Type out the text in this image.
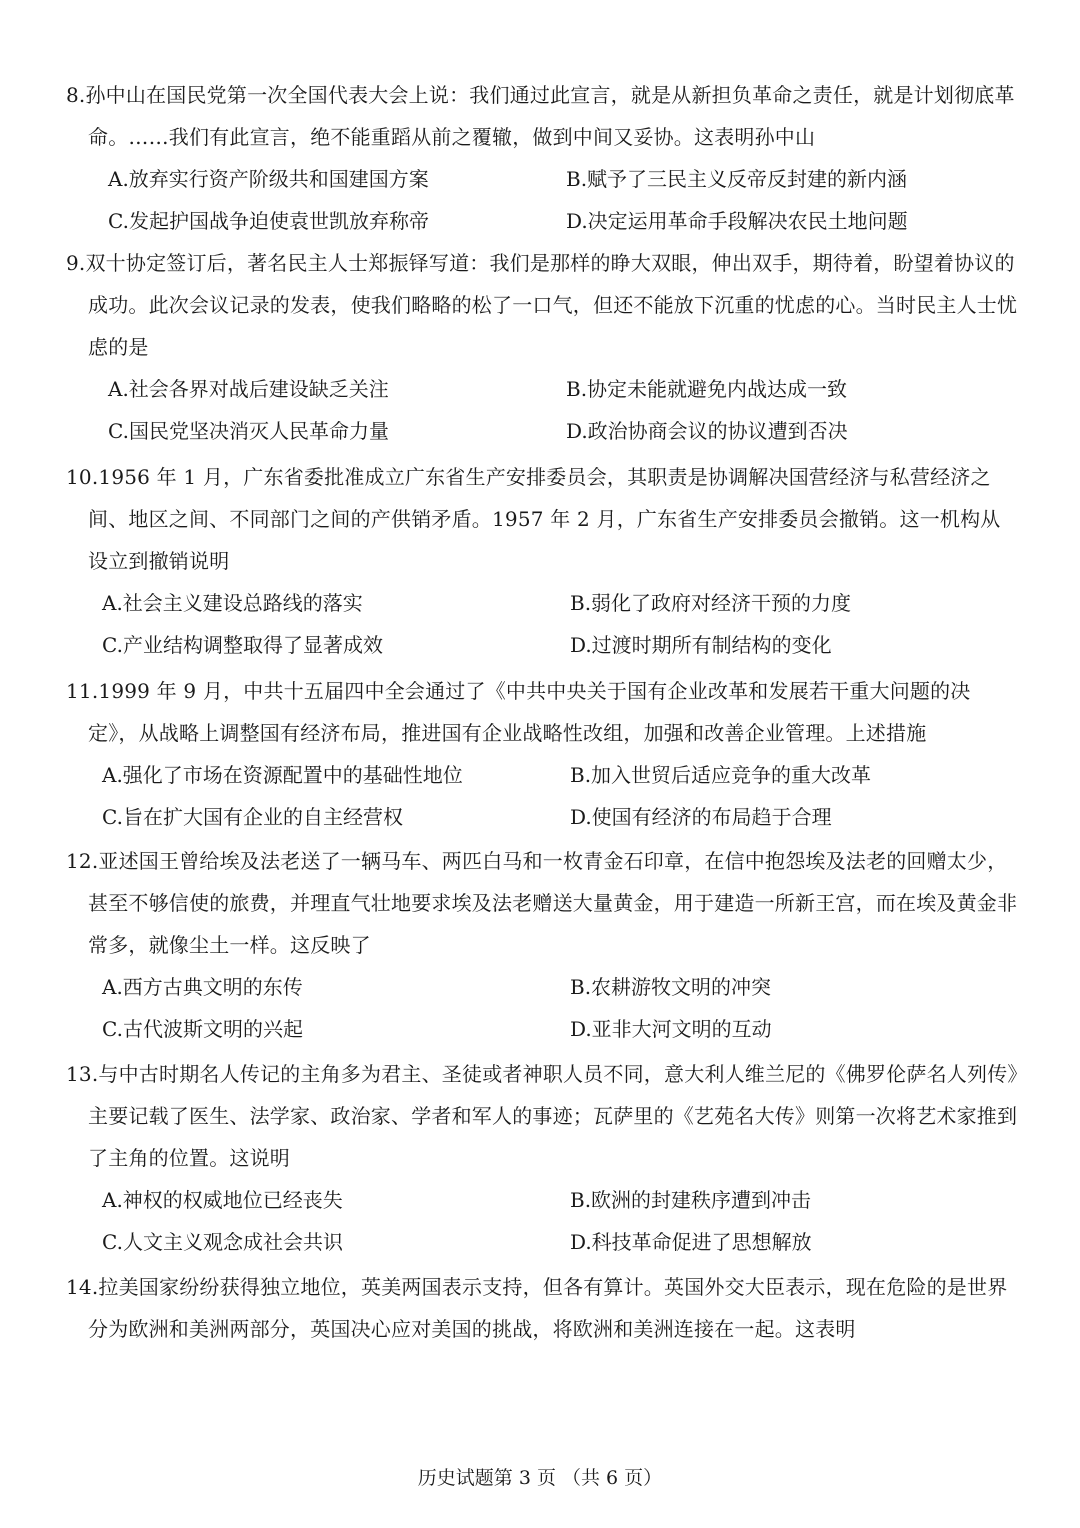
8.孙中山在国民党第一次全国代表大会上说：我们通过此宣言，就是从新担负革命之责任，就是计划彻底革命。……我们有此宣言，绝不能重蹈从前之覆辙，做到中间又妥协。这表明孙中山

A.放弃实行资产阶级共和国建国方案	B.赋予了三民主义反帝反封建的新内涵
C.发起护国战争迫使袁世凯放弃称帝	D.决定运用革命手段解决农民土地问题

9.双十协定签订后，著名民主人士郑振铎写道：我们是那样的睁大双眼，伸出双手，期待着，盼望着协议的成功。此次会议记录的发表，使我们略略的松了一口气，但还不能放下沉重的忧虑的心。当时民主人士忧虑的是

A.社会各界对战后建设缺乏关注	B.协定未能就避免内战达成一致
C.国民党坚决消灭人民革命力量	D.政治协商会议的协议遭到否决

10.1956 年 1 月，广东省委批准成立广东省生产安排委员会，其职责是协调解决国营经济与私营经济之间、地区之间、不同部门之间的产供销矛盾。1957 年 2 月，广东省生产安排委员会撤销。这一机构从设立到撤销说明

A.社会主义建设总路线的落实	B.弱化了政府对经济干预的力度
C.产业结构调整取得了显著成效	D.过渡时期所有制结构的变化

11.1999 年 9 月，中共十五届四中全会通过了《中共中央关于国有企业改革和发展若干重大问题的决定》，从战略上调整国有经济布局，推进国有企业战略性改组，加强和改善企业管理。上述措施

A.强化了市场在资源配置中的基础性地位	B.加入世贸后适应竞争的重大改革
C.旨在扩大国有企业的自主经营权	D.使国有经济的布局趋于合理

12.亚述国王曾给埃及法老送了一辆马车、两匹白马和一枚青金石印章，在信中抱怨埃及法老的回赠太少，甚至不够信使的旅费，并理直气壮地要求埃及法老赠送大量黄金，用于建造一所新王宫，而在埃及黄金非常多，就像尘土一样。这反映了

A.西方古典文明的东传	B.农耕游牧文明的冲突
C.古代波斯文明的兴起	D.亚非大河文明的互动

13.与中古时期名人传记的主角多为君主、圣徒或者神职人员不同，意大利人维兰尼的《佛罗伦萨名人列传》主要记载了医生、法学家、政治家、学者和军人的事迹；瓦萨里的《艺苑名大传》则第一次将艺术家推到了主角的位置。这说明

A.神权的权威地位已经丧失	B.欧洲的封建秩序遭到冲击
C.人文主义观念成社会共识	D.科技革命促进了思想解放

14.拉美国家纷纷获得独立地位，英美两国表示支持，但各有算计。英国外交大臣表示，现在危险的是世界分为欧洲和美洲两部分，英国决心应对美国的挑战，将欧洲和美洲连接在一起。这表明

历史试题第 3 页 （共 6 页）
